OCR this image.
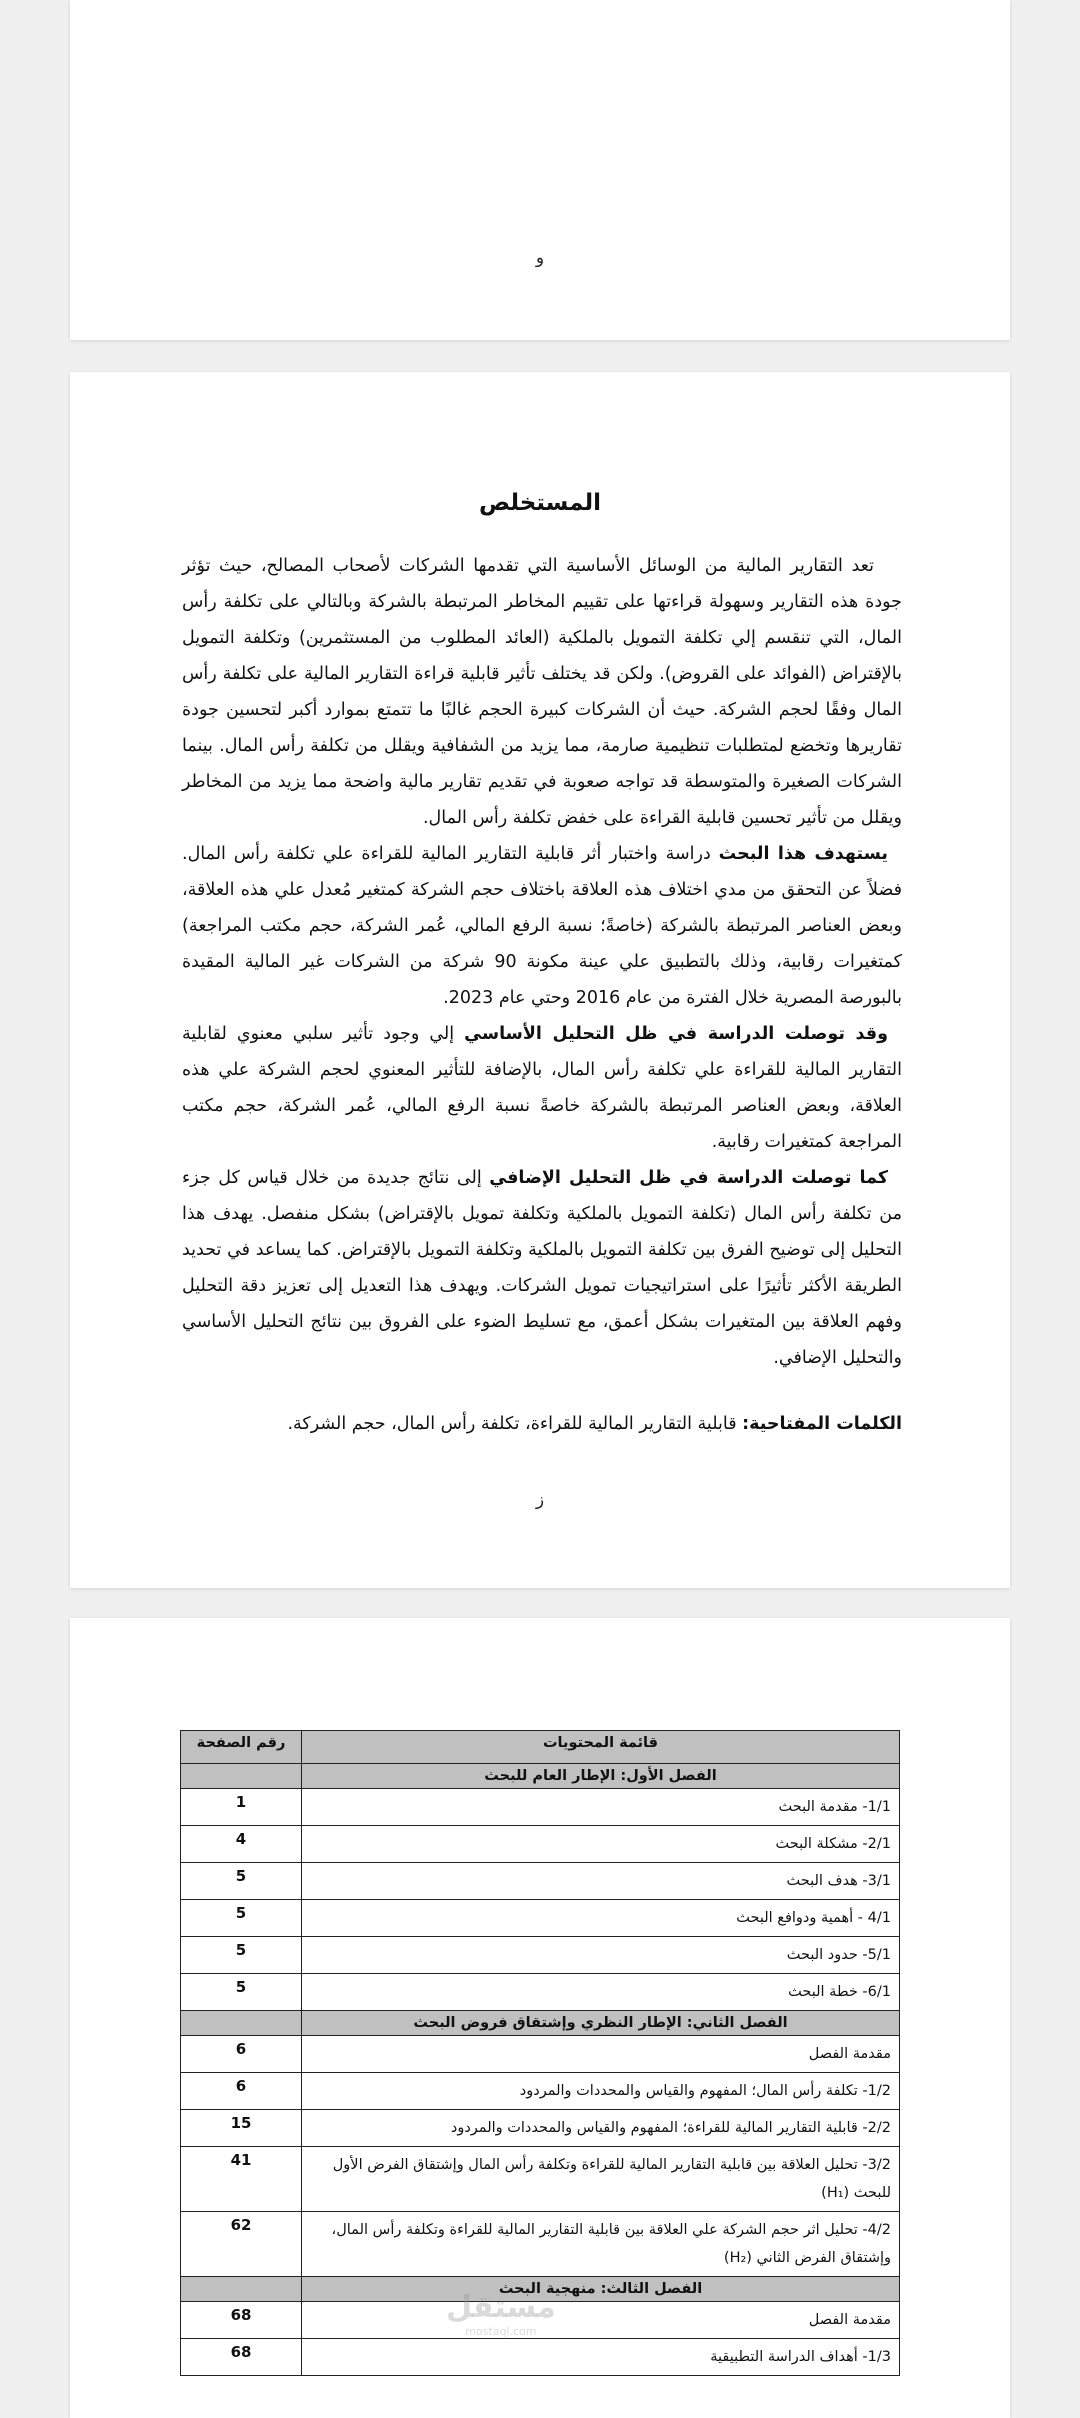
و
المستخلص

تعد التقارير المالية من الوسائل الأساسية التي تقدمها الشركات لأصحاب المصالح، حيث تؤثر جودة هذه التقارير وسهولة قراءتها على تقييم المخاطر المرتبطة بالشركة وبالتالي على تكلفة رأس المال، التي تنقسم إلي تكلفة التمويل بالملكية (العائد المطلوب من المستثمرين) وتكلفة التمويل بالإقتراض (الفوائد على القروض). ولكن قد يختلف تأثير قابلية قراءة التقارير المالية على تكلفة رأس المال وفقًا لحجم الشركة. حيث أن الشركات كبيرة الحجم غالبًا ما تتمتع بموارد أكبر لتحسين جودة تقاريرها وتخضع لمتطلبات تنظيمية صارمة، مما يزيد من الشفافية ويقلل من تكلفة رأس المال. بينما الشركات الصغيرة والمتوسطة قد تواجه صعوبة في تقديم تقارير مالية واضحة مما يزيد من المخاطر ويقلل من تأثير تحسين قابلية القراءة على خفض تكلفة رأس المال.

يستهدف هذا البحث دراسة واختبار أثر قابلية التقارير المالية للقراءة علي تكلفة رأس المال. فضلاً عن التحقق من مدي اختلاف هذه العلاقة باختلاف حجم الشركة كمتغير مُعدل علي هذه العلاقة، وبعض العناصر المرتبطة بالشركة (خاصةً؛ نسبة الرفع المالي، عُمر الشركة، حجم مكتب المراجعة) كمتغيرات رقابية، وذلك بالتطبيق علي عينة مكونة 90 شركة من الشركات غير المالية المقيدة بالبورصة المصرية خلال الفترة من عام 2016 وحتي عام 2023.

وقد توصلت الدراسة في ظل التحليل الأساسي إلي وجود تأثير سلبي معنوي لقابلية التقارير المالية للقراءة علي تكلفة رأس المال، بالإضافة للتأثير المعنوي لحجم الشركة علي هذه العلاقة، وبعض العناصر المرتبطة بالشركة خاصةً نسبة الرفع المالي، عُمر الشركة، حجم مكتب المراجعة كمتغيرات رقابية.

كما توصلت الدراسة في ظل التحليل الإضافي إلى نتائج جديدة من خلال قياس كل جزء من تكلفة رأس المال (تكلفة التمويل بالملكية وتكلفة تمويل بالإقتراض) بشكل منفصل. يهدف هذا التحليل إلى توضيح الفرق بين تكلفة التمويل بالملكية وتكلفة التمويل بالإقتراض. كما يساعد في تحديد الطريقة الأكثر تأثيرًا على استراتيجيات تمويل الشركات. ويهدف هذا التعديل إلى تعزيز دقة التحليل وفهم العلاقة بين المتغيرات بشكل أعمق، مع تسليط الضوء على الفروق بين نتائج التحليل الأساسي والتحليل الإضافي.

الكلمات المفتاحية: قابلية التقارير المالية للقراءة، تكلفة رأس المال، حجم الشركة.
ز
قائمة المحتويات	رقم الصفحة
الفصل الأول: الإطار العام للبحث	
1/1- مقدمة البحث	1
2/1- مشكلة البحث	4
3/1- هدف البحث	5
4/1 - أهمية ودوافع البحث	5
5/1- حدود البحث	5
6/1- خطة البحث	5
الفصل الثاني: الإطار النظري وإشتقاق فروض البحث	
مقدمة الفصل	6
1/2- تكلفة رأس المال؛ المفهوم والقياس والمحددات والمردود	6
2/2- قابلية التقارير المالية للقراءة؛ المفهوم والقياس والمحددات والمردود	15
3/2- تحليل العلاقة بين قابلية التقارير المالية للقراءة وتكلفة رأس المال وإشتقاق الفرض الأول للبحث (H₁)	41
4/2- تحليل اثر حجم الشركة علي العلاقة بين قابلية التقارير المالية للقراءة وتكلفة رأس المال، وإشتقاق الفرض الثاني (H₂)	62
الفصل الثالث: منهجية البحث	
مقدمة الفصل	68
1/3- أهداف الدراسة التطبيقية	68
مستقل
mostaql.com
